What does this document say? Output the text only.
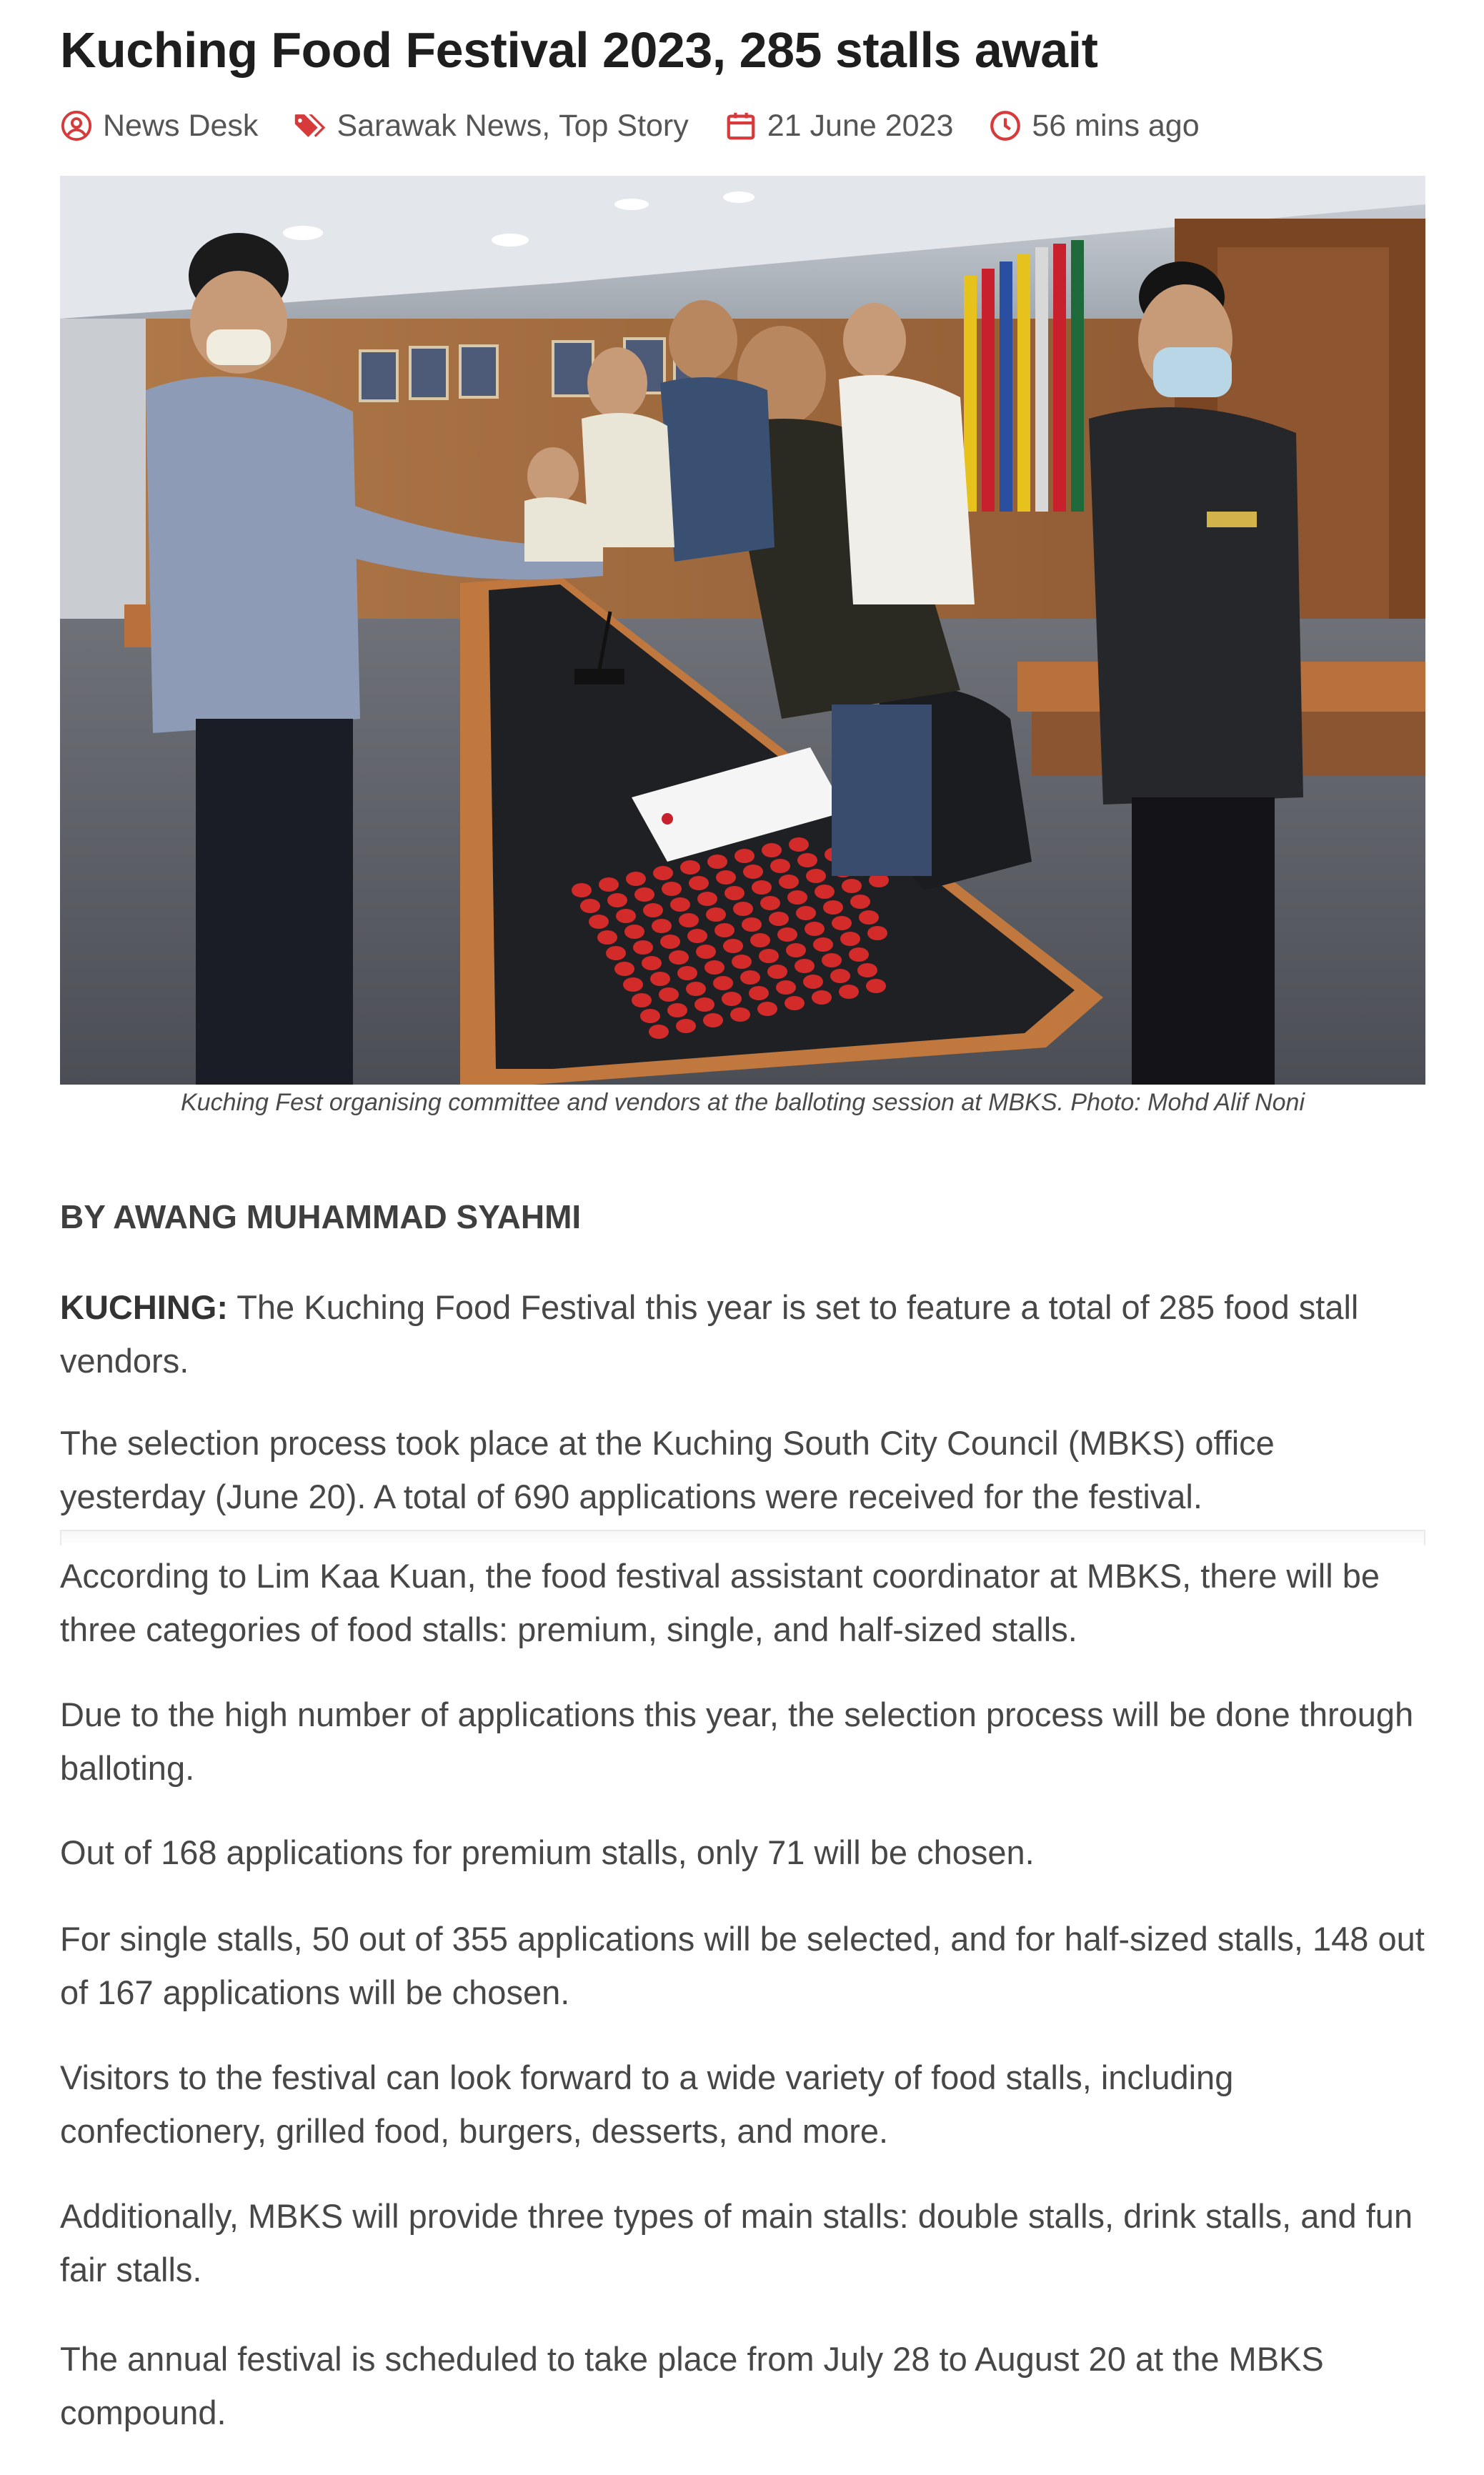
Kuching Food Festival 2023, 285 stalls await
News Desk	Sarawak News , Top Story	21 June 2023	56 mins ago
Kuching Fest organising committee and vendors at the balloting session at MBKS. Photo: Mohd Alif Noni
BY AWANG MUHAMMAD SYAHMI

KUCHING: The Kuching Food Festival this year is set to feature a total of 285 food stall vendors.

The selection process took place at the Kuching South City Council (MBKS) office yesterday (June 20). A total of 690 applications were received for the festival.

According to Lim Kaa Kuan, the food festival assistant coordinator at MBKS, there will be three categories of food stalls: premium, single, and half-sized stalls.

Due to the high number of applications this year, the selection process will be done through balloting.

Out of 168 applications for premium stalls, only 71 will be chosen.

For single stalls, 50 out of 355 applications will be selected, and for half-sized stalls, 148 out of 167 applications will be chosen.

Visitors to the festival can look forward to a wide variety of food stalls, including confectionery, grilled food, burgers, desserts, and more.

Additionally, MBKS will provide three types of main stalls: double stalls, drink stalls, and fun fair stalls.

The annual festival is scheduled to take place from July 28 to August 20 at the MBKS compound.
